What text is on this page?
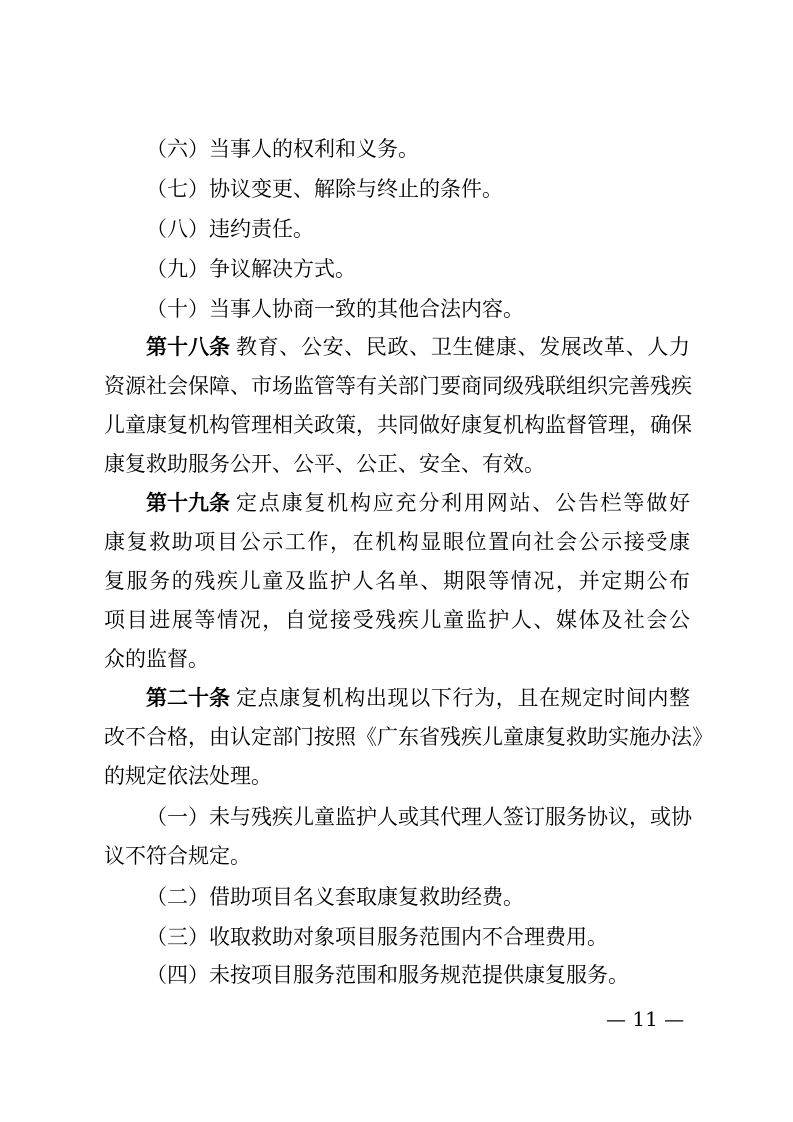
（六）当事人的权利和义务。
（七）协议变更、解除与终止的条件。
（八）违约责任。
（九）争议解决方式。
（十）当事人协商一致的其他合法内容。
第十八条 教育、公安、民政、卫生健康、发展改革、人力
资源社会保障、市场监管等有关部门要商同级残联组织完善残疾
儿童康复机构管理相关政策，共同做好康复机构监督管理，确保
康复救助服务公开、公平、公正、安全、有效。
第十九条 定点康复机构应充分利用网站、公告栏等做好
康复救助项目公示工作，在机构显眼位置向社会公示接受康
复服务的残疾儿童及监护人名单、期限等情况，并定期公布
项目进展等情况，自觉接受残疾儿童监护人、媒体及社会公
众的监督。
第二十条 定点康复机构出现以下行为，且在规定时间内整
改不合格，由认定部门按照《广东省残疾儿童康复救助实施办法》
的规定依法处理。
（一）未与残疾儿童监护人或其代理人签订服务协议，或协
议不符合规定。
（二）借助项目名义套取康复救助经费。
（三）收取救助对象项目服务范围内不合理费用。
（四）未按项目服务范围和服务规范提供康复服务。
— 11 —
